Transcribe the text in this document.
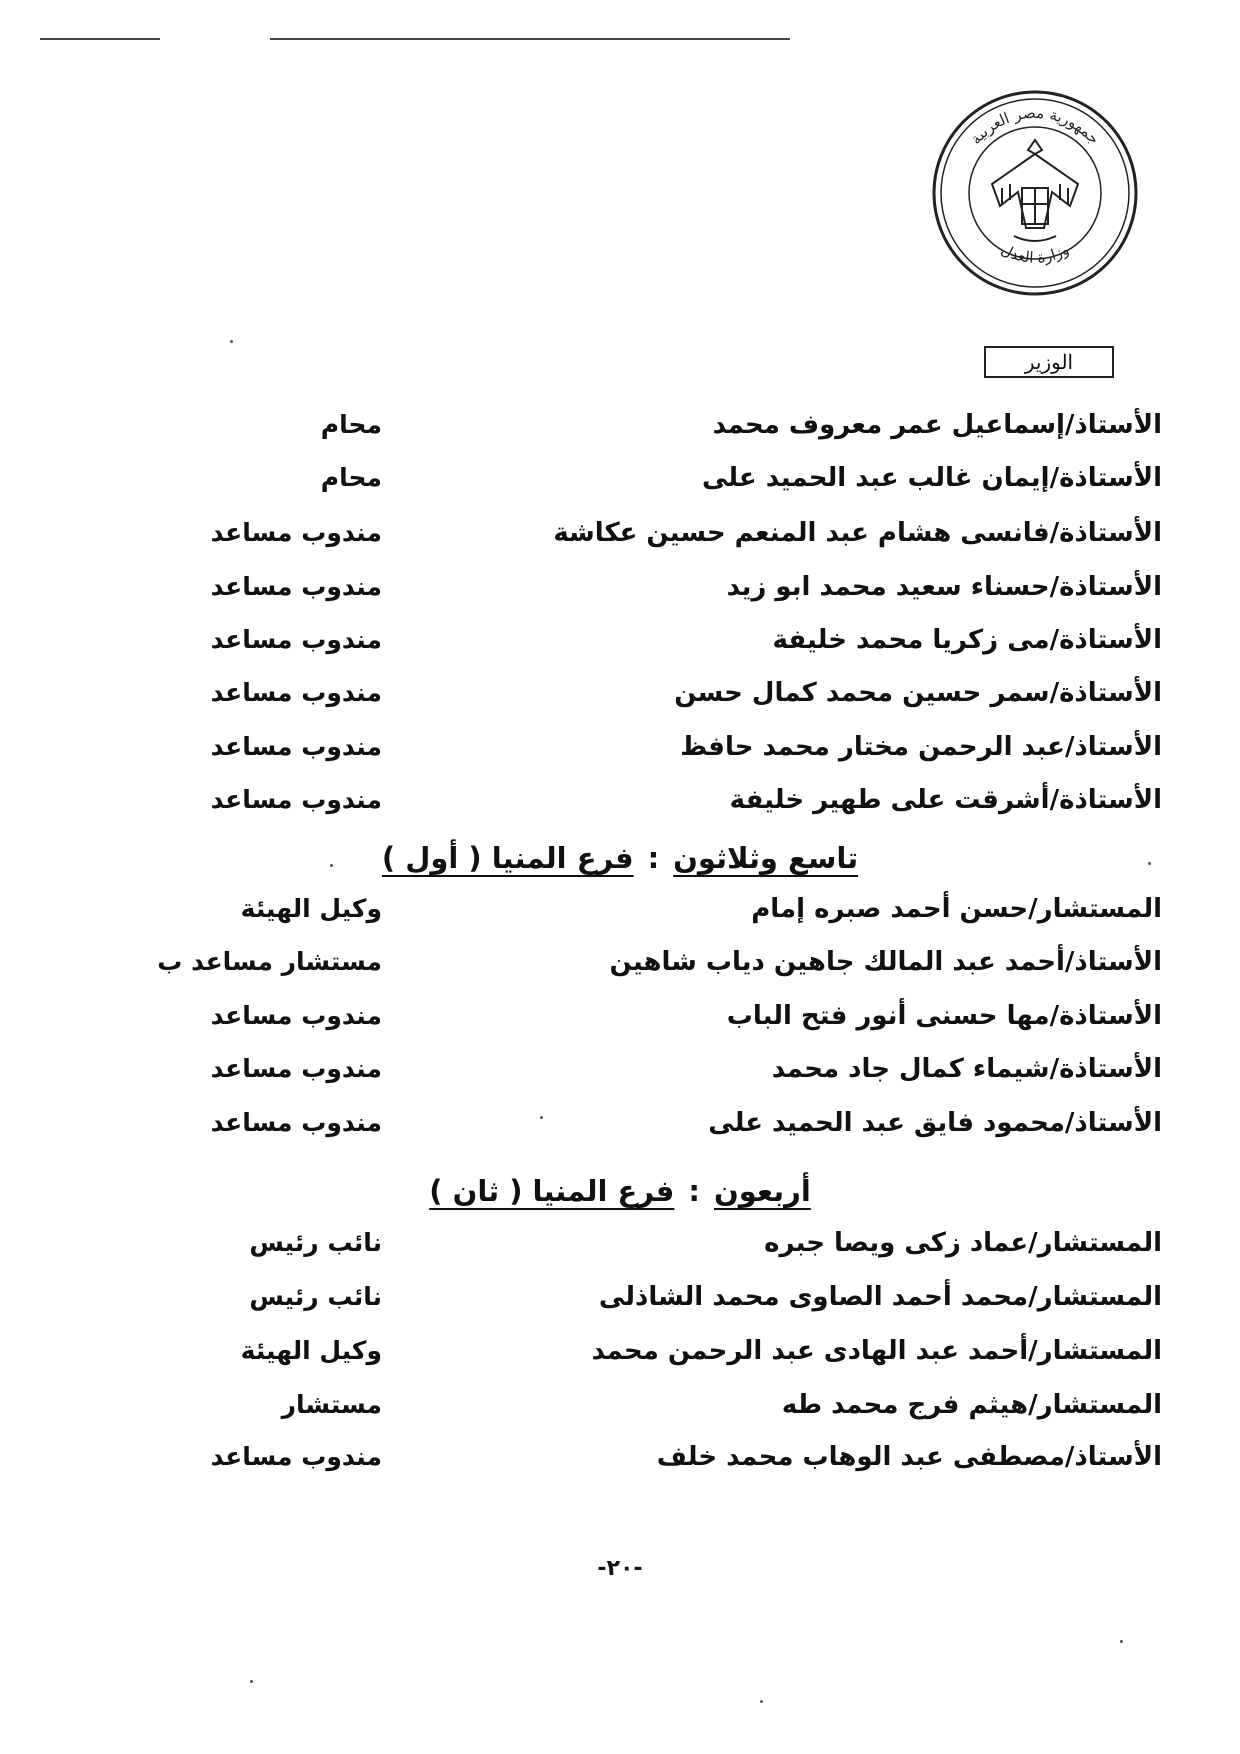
جمهورية مصر العربية
وزارة العدل
الوزير
الأستاذ/إسماعيل عمر معروف محمد
محام
الأستاذة/إيمان غالب عبد الحميد على
محام
الأستاذة/فانسى هشام عبد المنعم حسين عكاشة
مندوب مساعد
الأستاذة/حسناء سعيد محمد ابو زيد
مندوب مساعد
الأستاذة/مى زكريا محمد خليفة
مندوب مساعد
الأستاذة/سمر حسين محمد كمال حسن
مندوب مساعد
الأستاذ/عبد الرحمن مختار محمد حافظ
مندوب مساعد
الأستاذة/أشرقت على طهير خليفة
مندوب مساعد
تاسع وثلاثون
:
فرع المنيا ( أول )
المستشار/حسن أحمد صبره إمام
وكيل الهيئة
الأستاذ/أحمد عبد المالك جاهين دياب شاهين
مستشار مساعد ب
الأستاذة/مها حسنى أنور فتح الباب
مندوب مساعد
الأستاذة/شيماء كمال جاد محمد
مندوب مساعد
الأستاذ/محمود فايق عبد الحميد على
مندوب مساعد
أربعون
:
فرع المنيا ( ثان )
المستشار/عماد زكى ويصا جبره
نائب رئيس
المستشار/محمد أحمد الصاوى محمد الشاذلى
نائب رئيس
المستشار/أحمد عبد الهادى عبد الرحمن محمد
وكيل الهيئة
المستشار/هيثم فرج محمد طه
مستشار
الأستاذ/مصطفى عبد الوهاب محمد خلف
مندوب مساعد
-٢٠-
